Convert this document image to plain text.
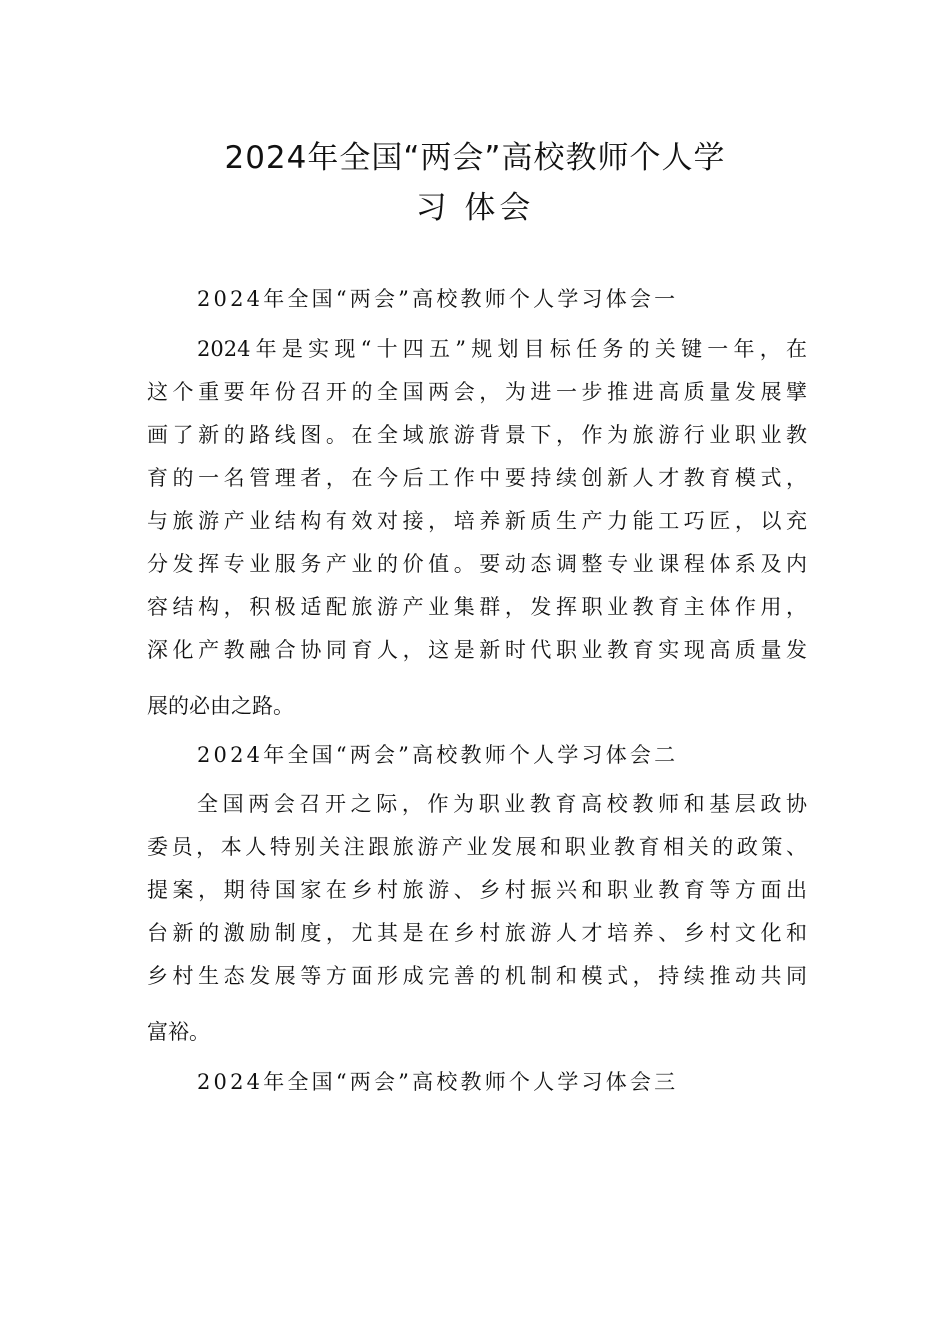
2024年全国“两会”高校教师个人学
习 体会

2024年全国“两会”高校教师个人学习体会一

2024年是实现“十四五”规划目标任务的关键一年，在

这个重要年份召开的全国两会，为进一步推进高质量发展擘

画了新的路线图。在全域旅游背景下，作为旅游行业职业教

育的一名管理者，在今后工作中要持续创新人才教育模式，

与旅游产业结构有效对接，培养新质生产力能工巧匠，以充

分发挥专业服务产业的价值。要动态调整专业课程体系及内

容结构，积极适配旅游产业集群，发挥职业教育主体作用，

深化产教融合协同育人，这是新时代职业教育实现高质量发

展的必由之路。

2024年全国“两会”高校教师个人学习体会二

全国两会召开之际，作为职业教育高校教师和基层政协

委员，本人特别关注跟旅游产业发展和职业教育相关的政策、

提案，期待国家在乡村旅游、乡村振兴和职业教育等方面出

台新的激励制度，尤其是在乡村旅游人才培养、乡村文化和

乡村生态发展等方面形成完善的机制和模式，持续推动共同

富裕。

2024年全国“两会”高校教师个人学习体会三
